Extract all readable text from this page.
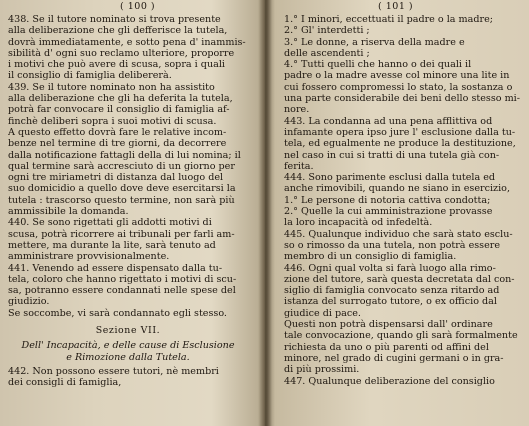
( 100 )
438. Se il tutore nominato si trova presente
alla deliberazione che gli defferisce la tutela,
dovrà immediatamente, e sotto pena d' inammis-
sibilità d' ogni suo reclamo ulteriore, proporre
i motivi che può avere di scusa, sopra i quali
il consiglio di famiglia delibererà.
439. Se il tutore nominato non ha assistito
alla deliberazione che gli ha deferita la tutela,
potrà far convocare il consiglio di famiglia af-
finchè deliberi sopra i suoi motivi di scusa.
A questo effetto dovrà fare le relative incom-
benze nel termine di tre giorni, da decorrere
dalla notificazione fattagli della di lui nomina; il
qual termine sarà accresciuto di un giorno per
ogni tre miriametri di distanza dal luogo del
suo domicidio a quello dove deve esercitarsi la
tutela : trascorso questo termine, non sarà più
ammissibile la domanda.
440. Se sono rigettati gli addotti motivi di
scusa, potrà ricorrere ai tribunali per farli am-
mettere, ma durante la lite, sarà tenuto ad
amministrare provvisionalmente.
441. Venendo ad essere dispensato dalla tu-
tela, coloro che hanno rigettato i motivi di scu-
sa, potranno essere condannati nelle spese del
giudizio.
Se soccombe, vi sarà condannato egli stesso.
Sezione VII.
Dell' Incapacità, e delle cause di Esclusione
e Rimozione dalla Tutela.
442. Non possono essere tutori, nè membri
dei consigli di famiglia,
( 101 )
1.° I minori, eccettuati il padre o la madre;
2.° Gl' interdetti ;
3.° Le donne, a riserva della madre e
delle ascendenti ;
4.° Tutti quelli che hanno o dei quali il
padre o la madre avesse col minore una lite in
cui fossero compromessi lo stato, la sostanza o
una parte considerabile dei beni dello stesso mi-
nore.
443. La condanna ad una pena afflittiva od
infamante opera ipso jure l' esclusione dalla tu-
tela, ed egualmente ne produce la destituzione,
nel caso in cui si tratti di una tutela già con-
ferita.
444. Sono parimente esclusi dalla tutela ed
anche rimovibili, quando ne siano in esercizio,
1.° Le persone di notoria cattiva condotta;
2.° Quelle la cui amministrazione provasse
la loro incapacità od infedeltà.
445. Qualunque individuo che sarà stato esclu-
so o rimosso da una tutela, non potrà essere
membro di un consiglio di famiglia.
446. Ogni qual volta si farà luogo alla rimo-
zione del tutore, sarà questa decretata dal con-
siglio di famiglia convocato senza ritardo ad
istanza del surrogato tutore, o ex officio dal
giudice di pace.
Questi non potrà dispensarsi dall' ordinare
tale convocazione, quando gli sarà formalmente
richiesta da uno o più parenti od affini del
minore, nel grado di cugini germani o in gra-
di più prossimi.
447. Qualunque deliberazione del consiglio
